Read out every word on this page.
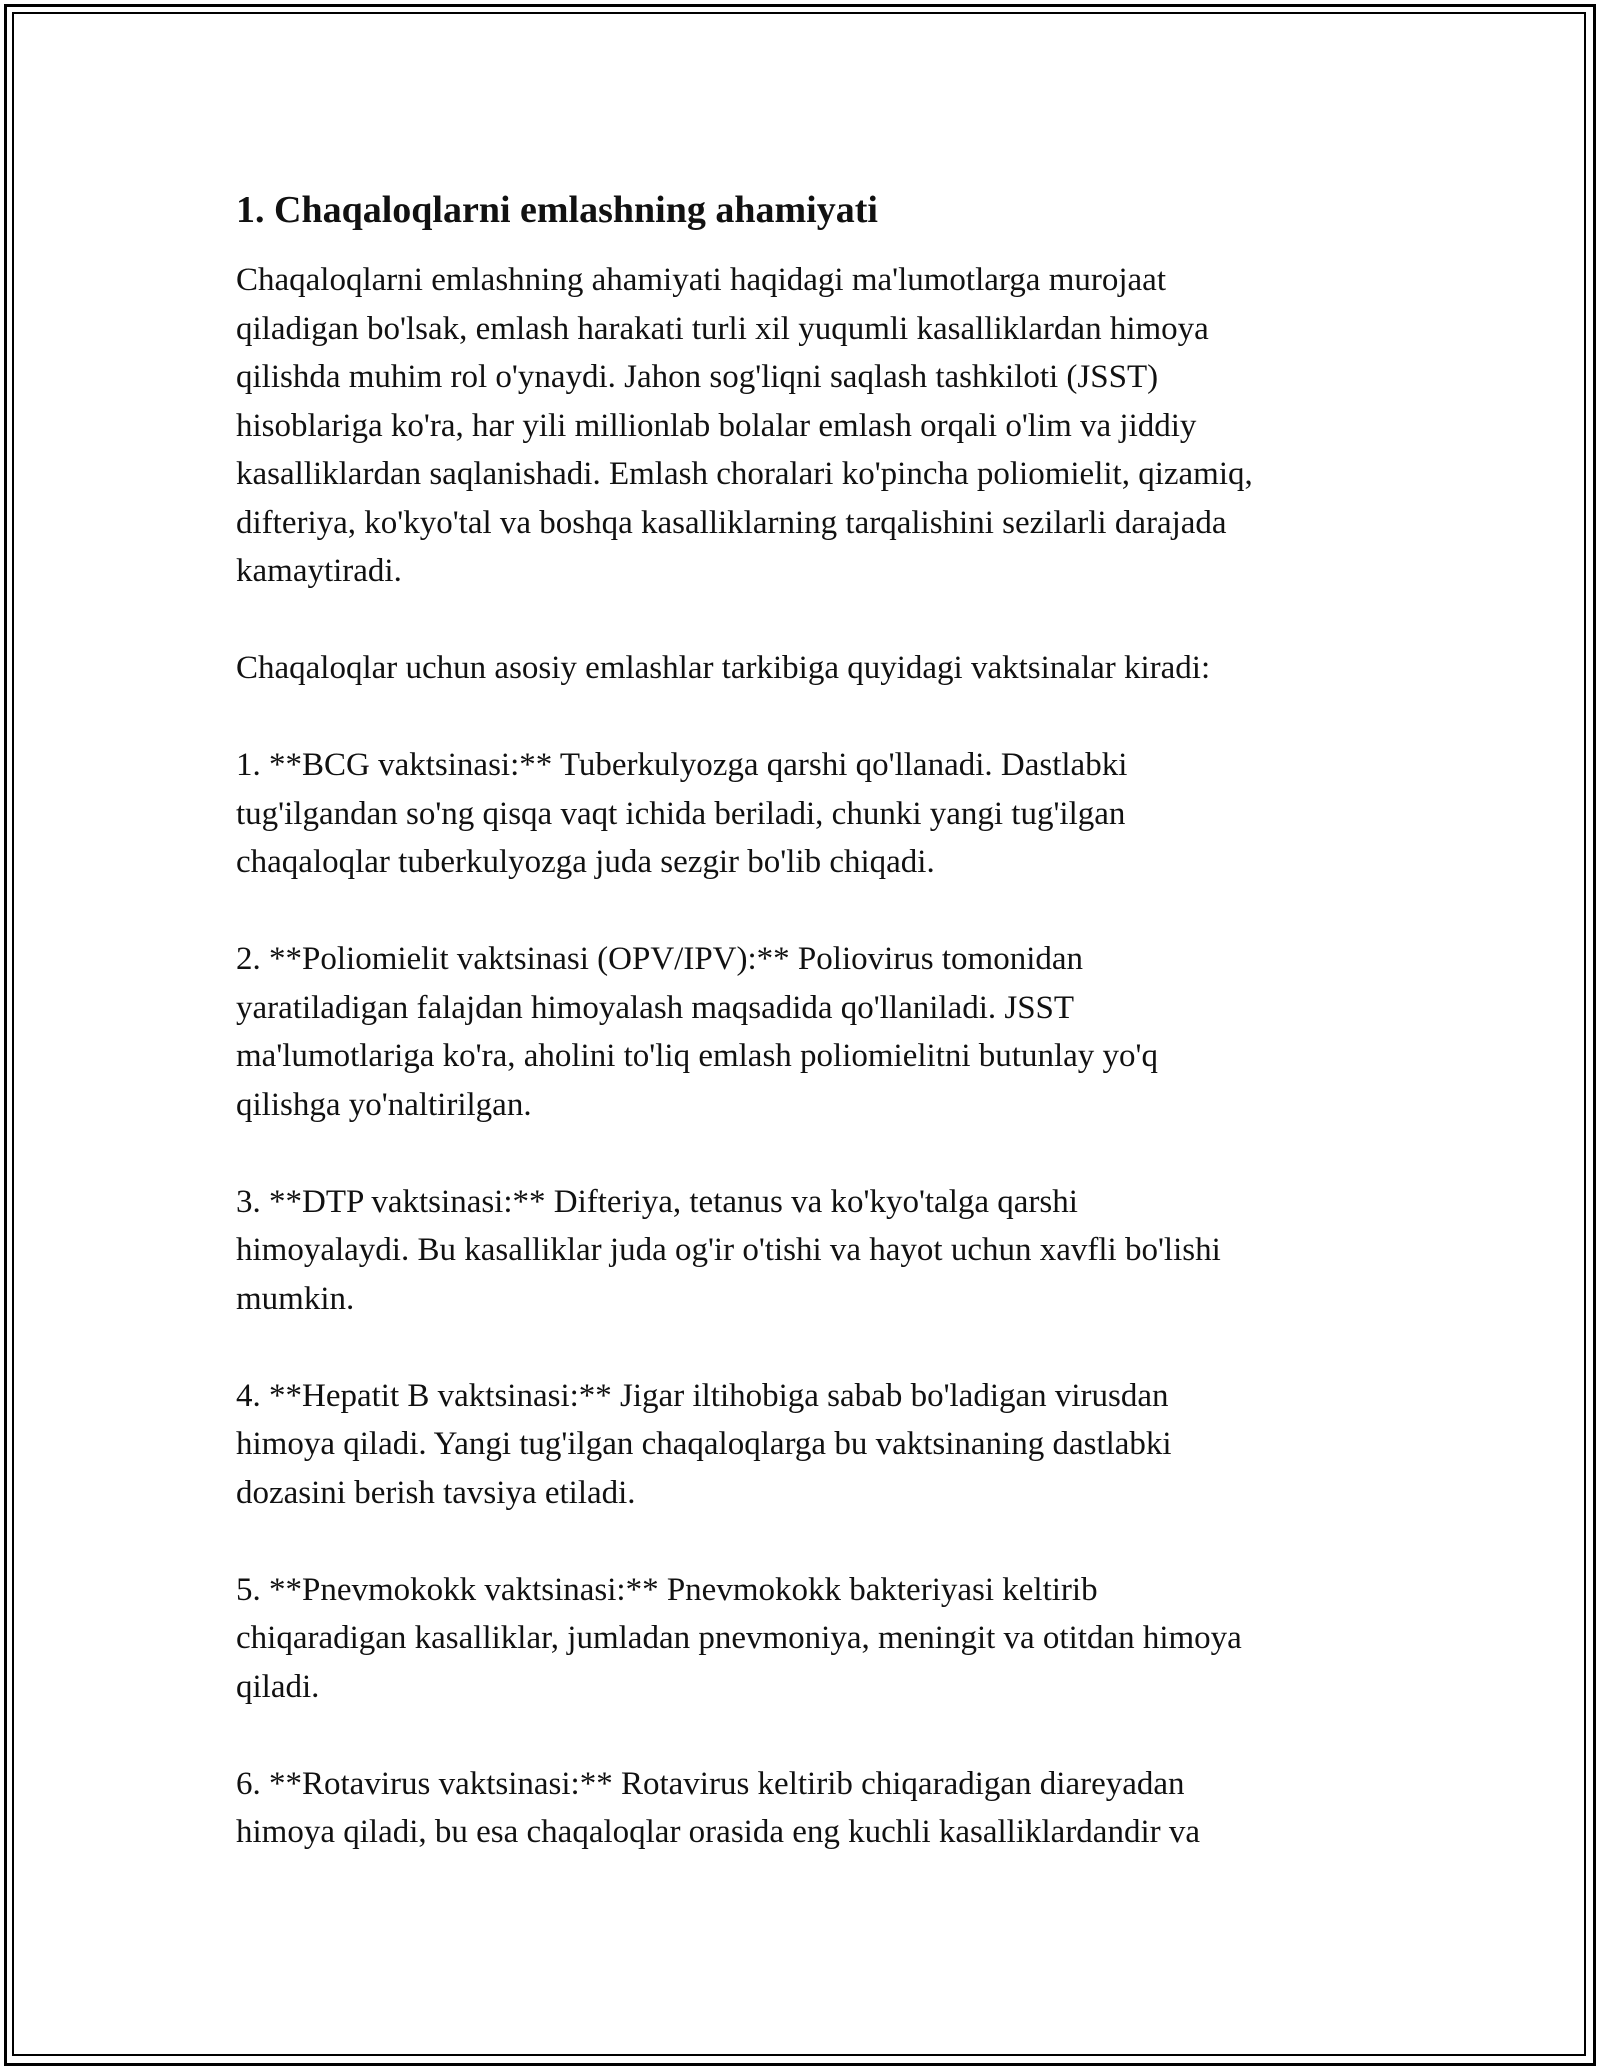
1. Chaqaloqlarni emlashning ahamiyati

Chaqaloqlarni emlashning ahamiyati haqidagi ma'lumotlarga murojaat
qiladigan bo'lsak, emlash harakati turli xil yuqumli kasalliklardan himoya
qilishda muhim rol o'ynaydi. Jahon sog'liqni saqlash tashkiloti (JSST)
hisoblariga ko'ra, har yili millionlab bolalar emlash orqali o'lim va jiddiy
kasalliklardan saqlanishadi. Emlash choralari ko'pincha poliomielit, qizamiq,
difteriya, ko'kyo'tal va boshqa kasalliklarning tarqalishini sezilarli darajada
kamaytiradi.

Chaqaloqlar uchun asosiy emlashlar tarkibiga quyidagi vaktsinalar kiradi:

1. **BCG vaktsinasi:** Tuberkulyozga qarshi qo'llanadi. Dastlabki
tug'ilgandan so'ng qisqa vaqt ichida beriladi, chunki yangi tug'ilgan
chaqaloqlar tuberkulyozga juda sezgir bo'lib chiqadi.

2. **Poliomielit vaktsinasi (OPV/IPV):** Poliovirus tomonidan
yaratiladigan falajdan himoyalash maqsadida qo'llaniladi. JSST
ma'lumotlariga ko'ra, aholini to'liq emlash poliomielitni butunlay yo'q
qilishga yo'naltirilgan.

3. **DTP vaktsinasi:** Difteriya, tetanus va ko'kyo'talga qarshi
himoyalaydi. Bu kasalliklar juda og'ir o'tishi va hayot uchun xavfli bo'lishi
mumkin.

4. **Hepatit B vaktsinasi:** Jigar iltihobiga sabab bo'ladigan virusdan
himoya qiladi. Yangi tug'ilgan chaqaloqlarga bu vaktsinaning dastlabki
dozasini berish tavsiya etiladi.

5. **Pnevmokokk vaktsinasi:** Pnevmokokk bakteriyasi keltirib
chiqaradigan kasalliklar, jumladan pnevmoniya, meningit va otitdan himoya
qiladi.

6. **Rotavirus vaktsinasi:** Rotavirus keltirib chiqaradigan diareyadan
himoya qiladi, bu esa chaqaloqlar orasida eng kuchli kasalliklardandir va
